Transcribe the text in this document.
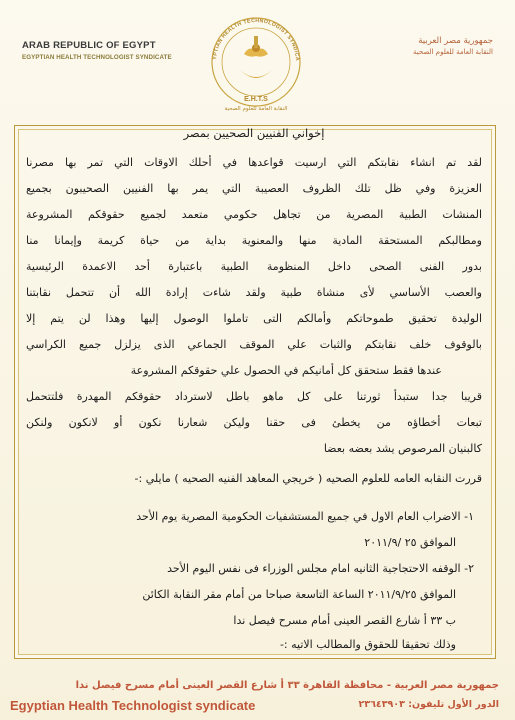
ARAB REPUBLIC OF EGYPT
EGYPTIAN HEALTH TECHNOLOGIST SYNDICATE
جمهورية مصر العربية
النقابة العامة للعلوم الصحية
YPTIAN HEALTH TECHNOLOGIST SYNDICA
E.H.T.S
النقابة العامة للعلوم الصحية
إخواني الفنيين الصحيين بمصر
لقد تم انشاء نقابتكم التي ارسيت قواعدها في أحلك الاوقات التي تمر بها مصرنا
العزيزة وفي ظل تلك الظروف العصيبة التي يمر بها الفنيين الصحيبون بجميع
المنشات الطبية المصرية من تجاهل حكومي متعمد لجميع حقوقكم المشروعة
ومطالبكم المستحقة المادية منها والمعنوية بداية من حياة كريمة وإيمانا منا
بدور الفنى الصحى داخل المنظومة الطبية باعتبارة أحد الاعمدة الرئيسية
والعصب الأساسي لأى منشاة طبية ولقد شاءت إرادة الله أن تتحمل نقابتنا
الوليدة تحقيق طموحاتكم وأمالكم التى تاملوا الوصول إليها وهذا لن يتم إلا
بالوقوف خلف نقابتكم والثبات علي الموقف الجماعي الذى يزلزل جميع الكراسي
عندها فقط ستحقق كل أمانيكم في الحصول علي حقوقكم المشروعة
قريبا جدا ستبدأ ثورتنا على كل ماهو باطل لاسترداد حقوقكم المهدرة فلتتحمل
تبعات أخطاؤه من يخطئ فى حقنا وليكن شعارنا نكون أو لانكون ولنكن
كالبنيان المرصوص يشد بعضه بعضا
قررت النقابه العامه للعلوم الصحيه ( خريجي المعاهد الفنيه الصحيه ) مايلي :-
١- الاضراب العام الاول في جميع المستشفيات الحكومية المصرية يوم الأحد
الموافق ٢٥ /٢٠١١/٩
٢- الوقفه الاحتجاجية الثانيه امام مجلس الوزراء فى نفس اليوم الأحد
الموافق ٢٠١١/٩/٢٥ الساعة التاسعة صباحا من أمام مقر النقابة الكائن
ب ٣٣ أ شارع القصر العينى أمام مسرح فيصل ندا
وذلك تحقيقا للحقوق والمطالب الاتيه :-
جمهورية مصر العربية - محافظة القاهرة ٣٣ أ شارع القصر العينى أمام مسرح فيصل ندا
Egyptian Health Technologist syndicate	الدور الأول تليفون: ٢٣٦٤٣٩٠٣
